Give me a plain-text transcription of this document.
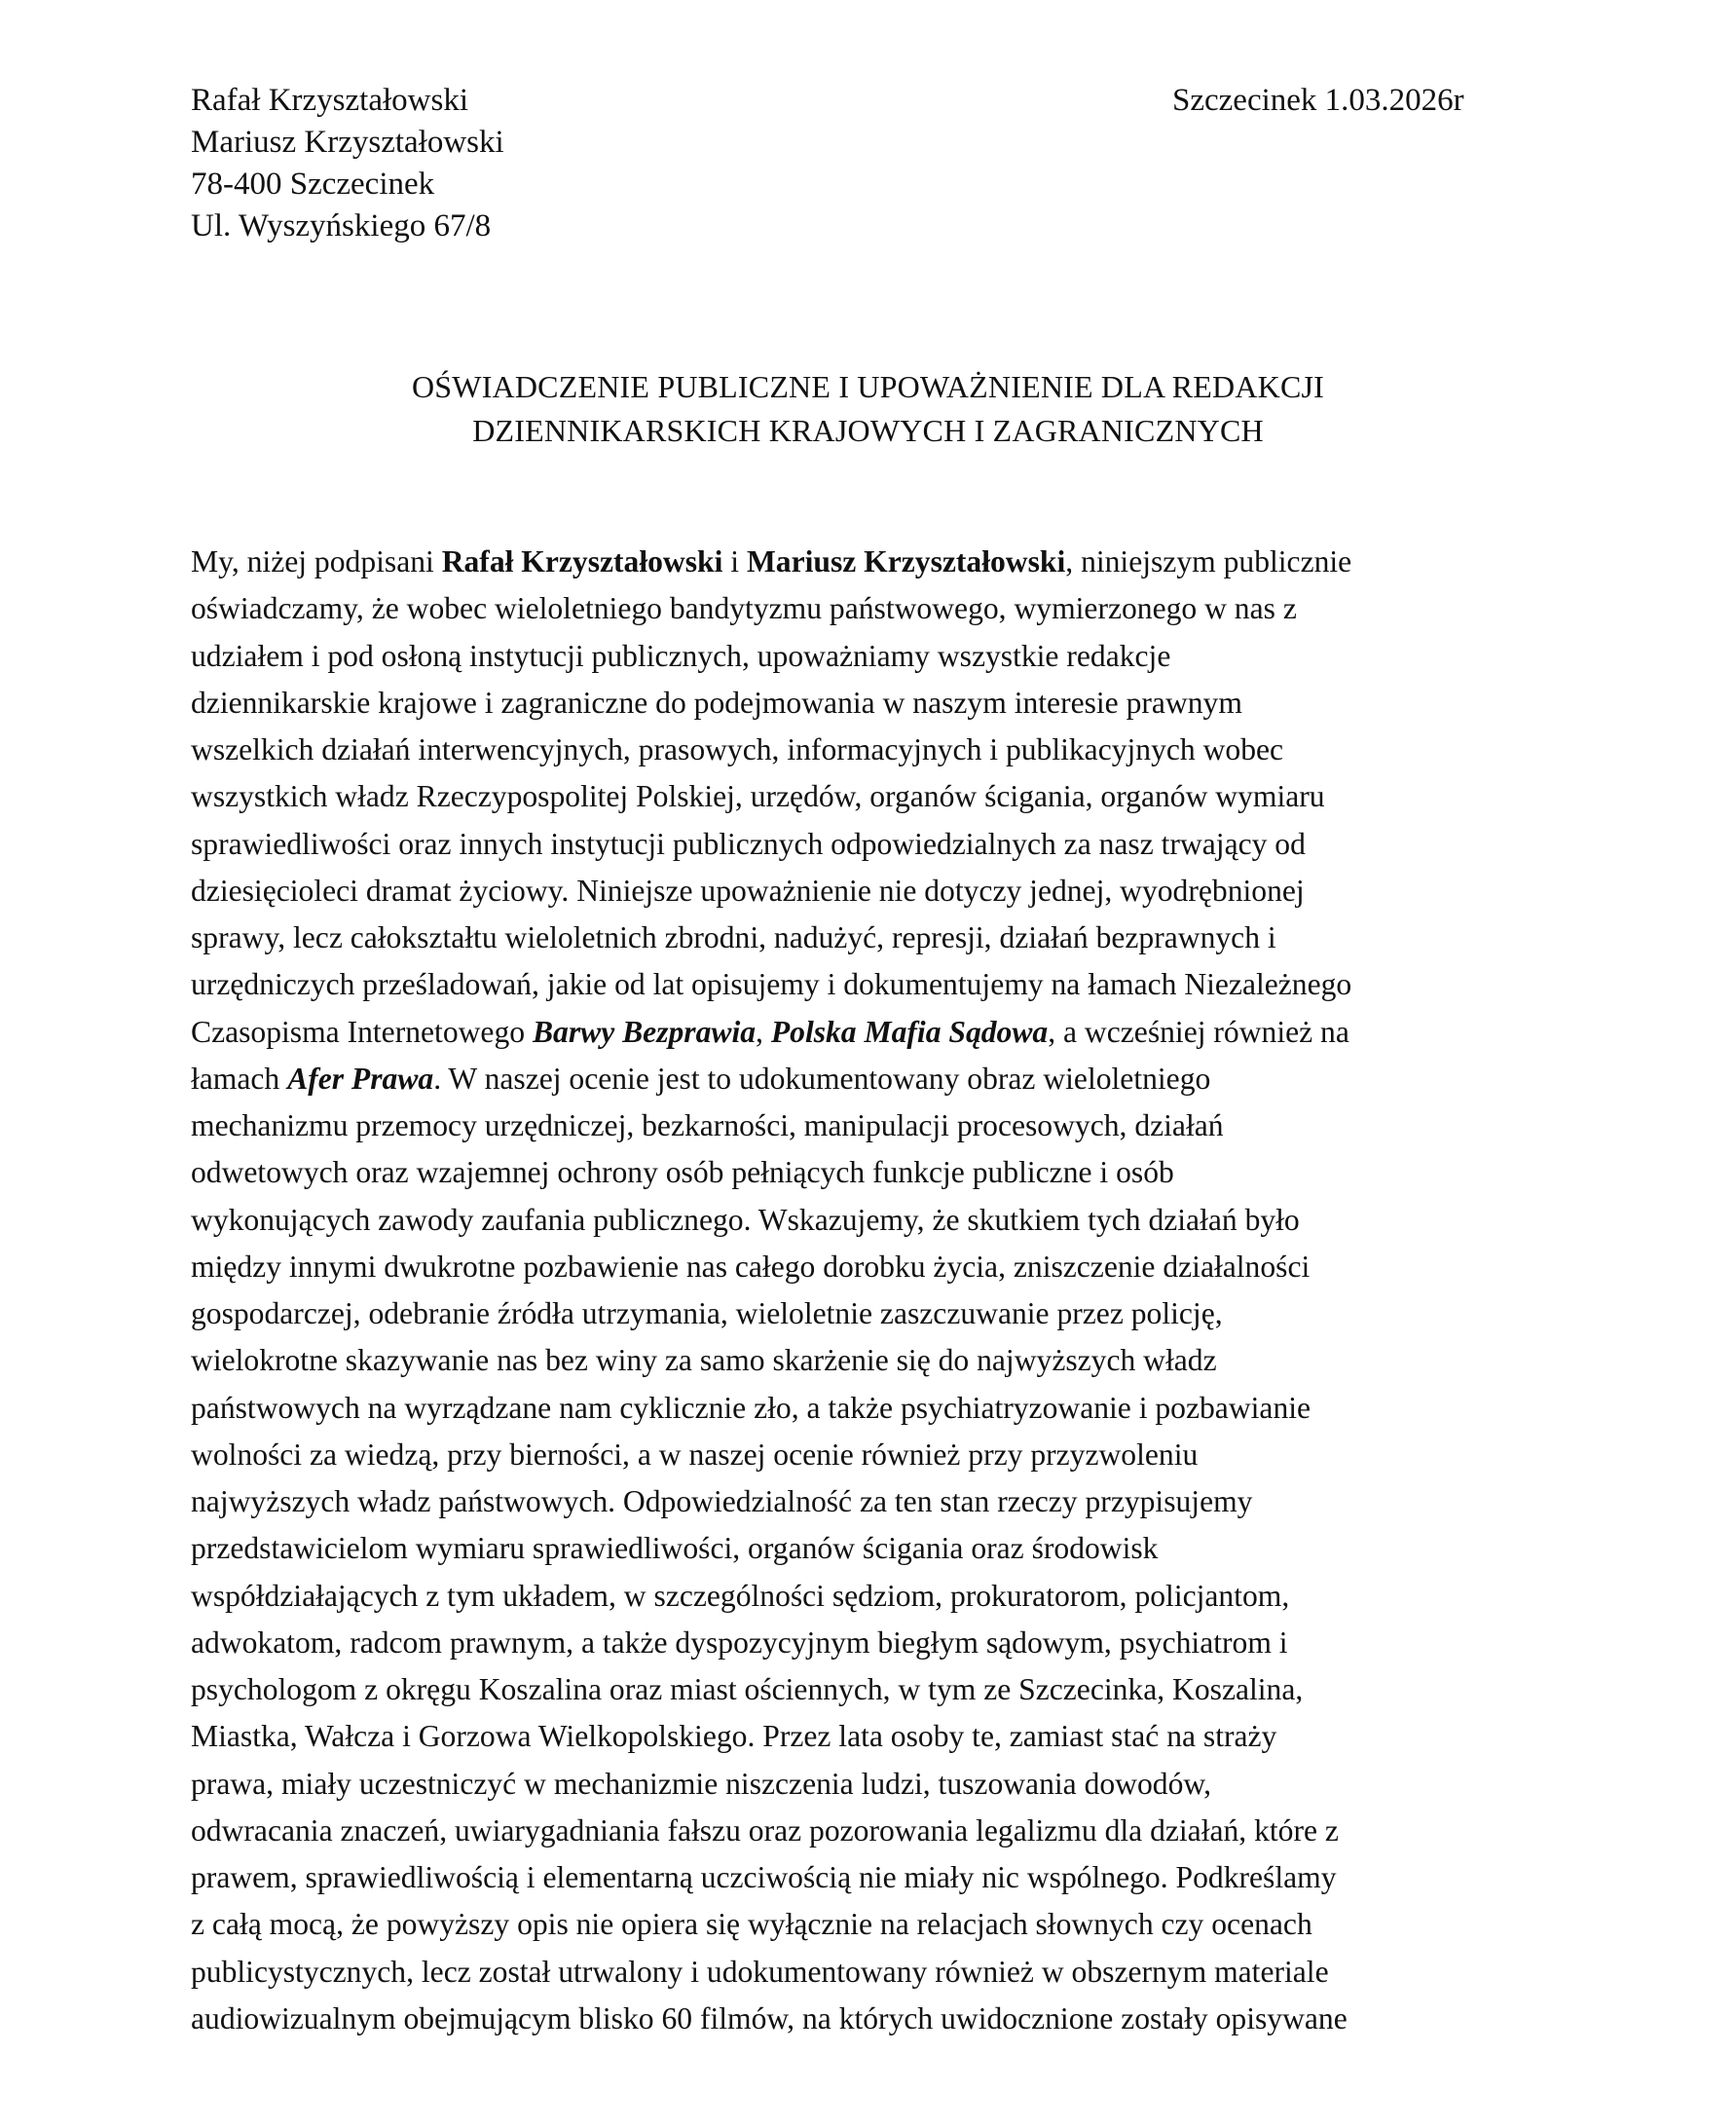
Rafał Krzyształowski
Mariusz Krzyształowski
78-400 Szczecinek
Ul. Wyszyńskiego 67/8
Szczecinek 1.03.2026r
OŚWIADCZENIE PUBLICZNE I UPOWAŻNIENIE DLA REDAKCJI
DZIENNIKARSKICH KRAJOWYCH I ZAGRANICZNYCH
My, niżej podpisani Rafał Krzyształowski i Mariusz Krzyształowski, niniejszym publicznie
oświadczamy, że wobec wieloletniego bandytyzmu państwowego, wymierzonego w nas z
udziałem i pod osłoną instytucji publicznych, upoważniamy wszystkie redakcje
dziennikarskie krajowe i zagraniczne do podejmowania w naszym interesie prawnym
wszelkich działań interwencyjnych, prasowych, informacyjnych i publikacyjnych wobec
wszystkich władz Rzeczypospolitej Polskiej, urzędów, organów ścigania, organów wymiaru
sprawiedliwości oraz innych instytucji publicznych odpowiedzialnych za nasz trwający od
dziesięcioleci dramat życiowy. Niniejsze upoważnienie nie dotyczy jednej, wyodrębnionej
sprawy, lecz całokształtu wieloletnich zbrodni, nadużyć, represji, działań bezprawnych i
urzędniczych prześladowań, jakie od lat opisujemy i dokumentujemy na łamach Niezależnego
Czasopisma Internetowego Barwy Bezprawia, Polska Mafia Sądowa, a wcześniej również na
łamach Afer Prawa. W naszej ocenie jest to udokumentowany obraz wieloletniego
mechanizmu przemocy urzędniczej, bezkarności, manipulacji procesowych, działań
odwetowych oraz wzajemnej ochrony osób pełniących funkcje publiczne i osób
wykonujących zawody zaufania publicznego. Wskazujemy, że skutkiem tych działań było
między innymi dwukrotne pozbawienie nas całego dorobku życia, zniszczenie działalności
gospodarczej, odebranie źródła utrzymania, wieloletnie zaszczuwanie przez policję,
wielokrotne skazywanie nas bez winy za samo skarżenie się do najwyższych władz
państwowych na wyrządzane nam cyklicznie zło, a także psychiatryzowanie i pozbawianie
wolności za wiedzą, przy bierności, a w naszej ocenie również przy przyzwoleniu
najwyższych władz państwowych. Odpowiedzialność za ten stan rzeczy przypisujemy
przedstawicielom wymiaru sprawiedliwości, organów ścigania oraz środowisk
współdziałających z tym układem, w szczególności sędziom, prokuratorom, policjantom,
adwokatom, radcom prawnym, a także dyspozycyjnym biegłym sądowym, psychiatrom i
psychologom z okręgu Koszalina oraz miast ościennych, w tym ze Szczecinka, Koszalina,
Miastka, Wałcza i Gorzowa Wielkopolskiego. Przez lata osoby te, zamiast stać na straży
prawa, miały uczestniczyć w mechanizmie niszczenia ludzi, tuszowania dowodów,
odwracania znaczeń, uwiarygadniania fałszu oraz pozorowania legalizmu dla działań, które z
prawem, sprawiedliwością i elementarną uczciwością nie miały nic wspólnego. Podkreślamy
z całą mocą, że powyższy opis nie opiera się wyłącznie na relacjach słownych czy ocenach
publicystycznych, lecz został utrwalony i udokumentowany również w obszernym materiale
audiowizualnym obejmującym blisko 60 filmów, na których uwidocznione zostały opisywane
